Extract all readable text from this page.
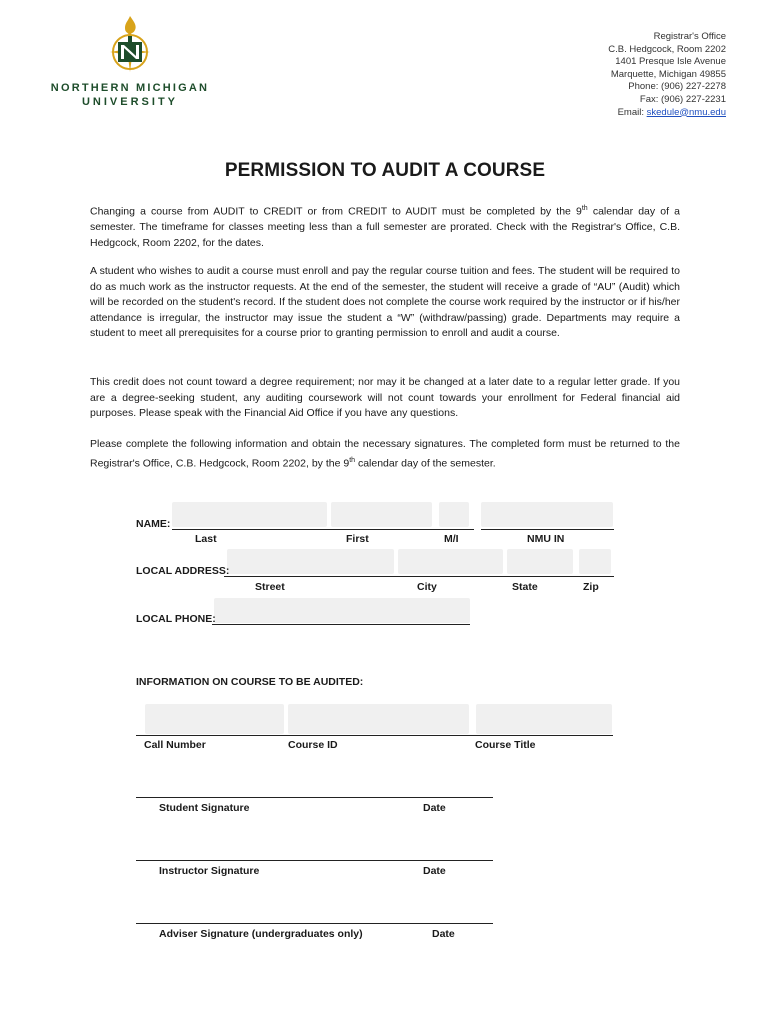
NORTHERN MICHIGAN
UNIVERSITY
Registrar's Office
C.B. Hedgcock, Room 2202
1401 Presque Isle Avenue
Marquette, Michigan 49855
Phone: (906) 227-2278
Fax: (906) 227-2231
Email: skedule@nmu.edu
PERMISSION TO AUDIT A COURSE

Changing a course from AUDIT to CREDIT or from CREDIT to AUDIT must be completed by the 9th calendar day of a semester. The timeframe for classes meeting less than a full semester are prorated. Check with the Registrar's Office, C.B. Hedgcock, Room 2202, for the dates.

A student who wishes to audit a course must enroll and pay the regular course tuition and fees. The student will be required to do as much work as the instructor requests. At the end of the semester, the student will receive a grade of “AU” (Audit) which will be recorded on the student's record. If the student does not complete the course work required by the instructor or if his/her attendance is irregular, the instructor may issue the student a “W” (withdraw/passing) grade. Departments may require a student to meet all prerequisites for a course prior to granting permission to enroll and audit a course.

This credit does not count toward a degree requirement; nor may it be changed at a later date to a regular letter grade. If you are a degree-seeking student, any auditing coursework will not count towards your enrollment for Federal financial aid purposes. Please speak with the Financial Aid Office if you have any questions.

Please complete the following information and obtain the necessary signatures. The completed form must be returned to the Registrar's Office, C.B. Hedgcock, Room 2202, by the 9th calendar day of the semester.

NAME:
Last	First	M/I	NMU IN
LOCAL ADDRESS:
Street	City	State	Zip
LOCAL PHONE:
INFORMATION ON COURSE TO BE AUDITED:
Call Number	Course ID	Course Title
Student Signature	Date
Instructor Signature	Date
Adviser Signature (undergraduates only)	Date
